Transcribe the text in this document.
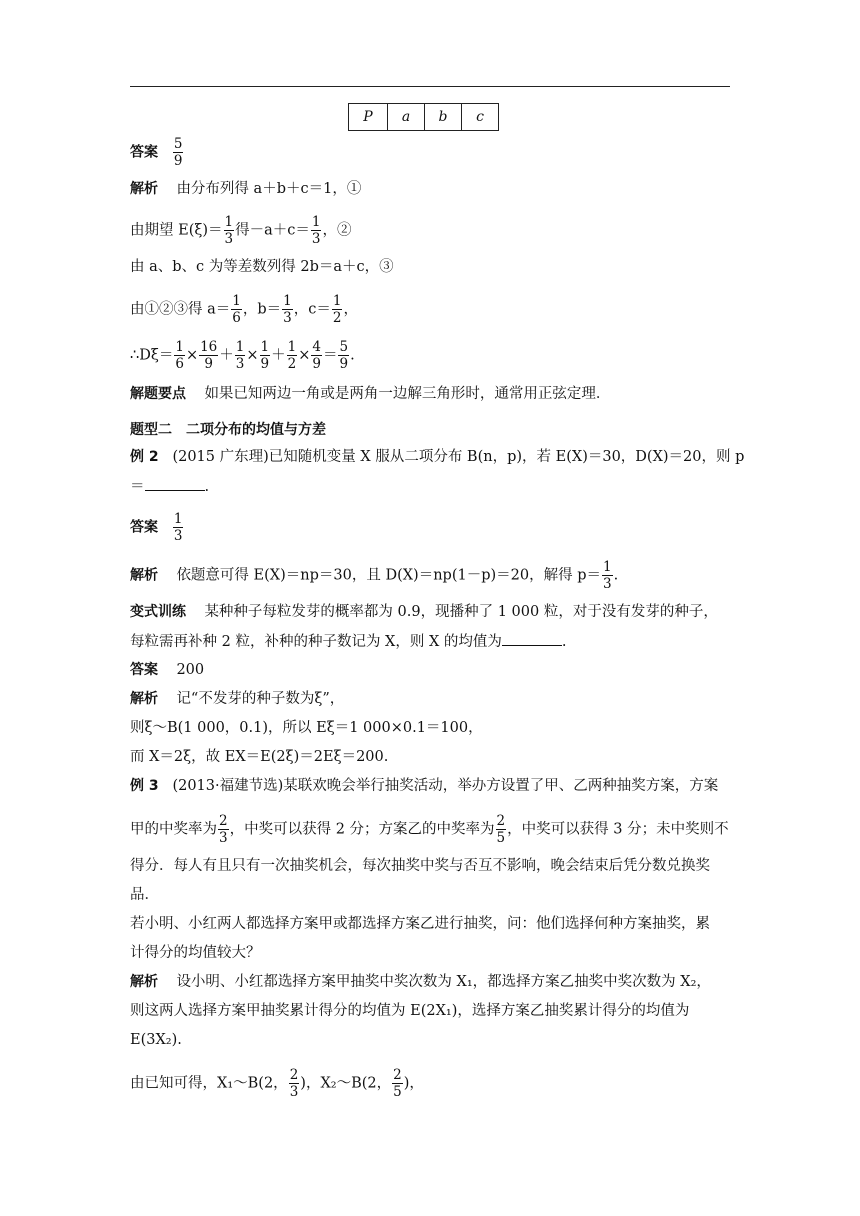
P	a	b	c
答案 $\frac{5}{9}$
解析 由分布列得 a＋b＋c＝1，①
由期望 $E(\xi)= \frac{1}{3}$ 得$-a+c= \frac{1}{3}$ ，②
由 a、b、c 为等差数列得 2b＝a＋c，③
由①②③得 $a= \frac{1}{6}$ ，$b= \frac{1}{3}$ ，$c= \frac{1}{2}$ ，
∴Dξ＝ $\frac{1}{6} \times \frac{16}{9} + \frac{1}{3} \times \frac{1}{9} + \frac{1}{2} \times \frac{4}{9} = \frac{5}{9}$ .
解题要点 如果已知两边一角或是两角一边解三角形时，通常用正弦定理．
题型二　二项分布的均值与方差
例 2 (2015 广东理)已知随机变量 X 服从二项分布 B(n，p)，若 E(X)＝30，D(X)＝20，则 p
＝	.
答案 $\frac{1}{3}$
解析 依题意可得 E(X)＝np＝30，且 D(X)＝np(1－p)＝20，解得 $p= \frac{1}{3}$ .
变式训练 某种种子每粒发芽的概率都为 0.9，现播种了 1 000 粒，对于没有发芽的种子，
每粒需再补种 2 粒，补种的种子数记为 X，则 X 的均值为	.
答案 200
解析 记“不发芽的种子数为ξ”，
则ξ～B(1 000，0.1)，所以 Eξ＝1 000×0.1＝100，
而 X＝2ξ，故 EX＝E(2ξ)＝2Eξ＝200.
例 3 (2013·福建节选)某联欢晚会举行抽奖活动，举办方设置了甲、乙两种抽奖方案，方案
甲的中奖率为 $\frac{2}{3}$ ，中奖可以获得 2 分；方案乙的中奖率为 $\frac{2}{5}$ ，中奖可以获得 3 分；未中奖则不
得分．每人有且只有一次抽奖机会，每次抽奖中奖与否互不影响，晚会结束后凭分数兑换奖
品．
若小明、小红两人都选择方案甲或都选择方案乙进行抽奖，问：他们选择何种方案抽奖，累
计得分的均值较大？
解析 设小明、小红都选择方案甲抽奖中奖次数为 X₁，都选择方案乙抽奖中奖次数为 X₂，
则这两人选择方案甲抽奖累计得分的均值为 E(2X₁)，选择方案乙抽奖累计得分的均值为
E(3X₂).
由已知可得，X₁～B(2， $\frac{2}{3}$ )，X₂～B(2， $\frac{2}{5}$ )，
